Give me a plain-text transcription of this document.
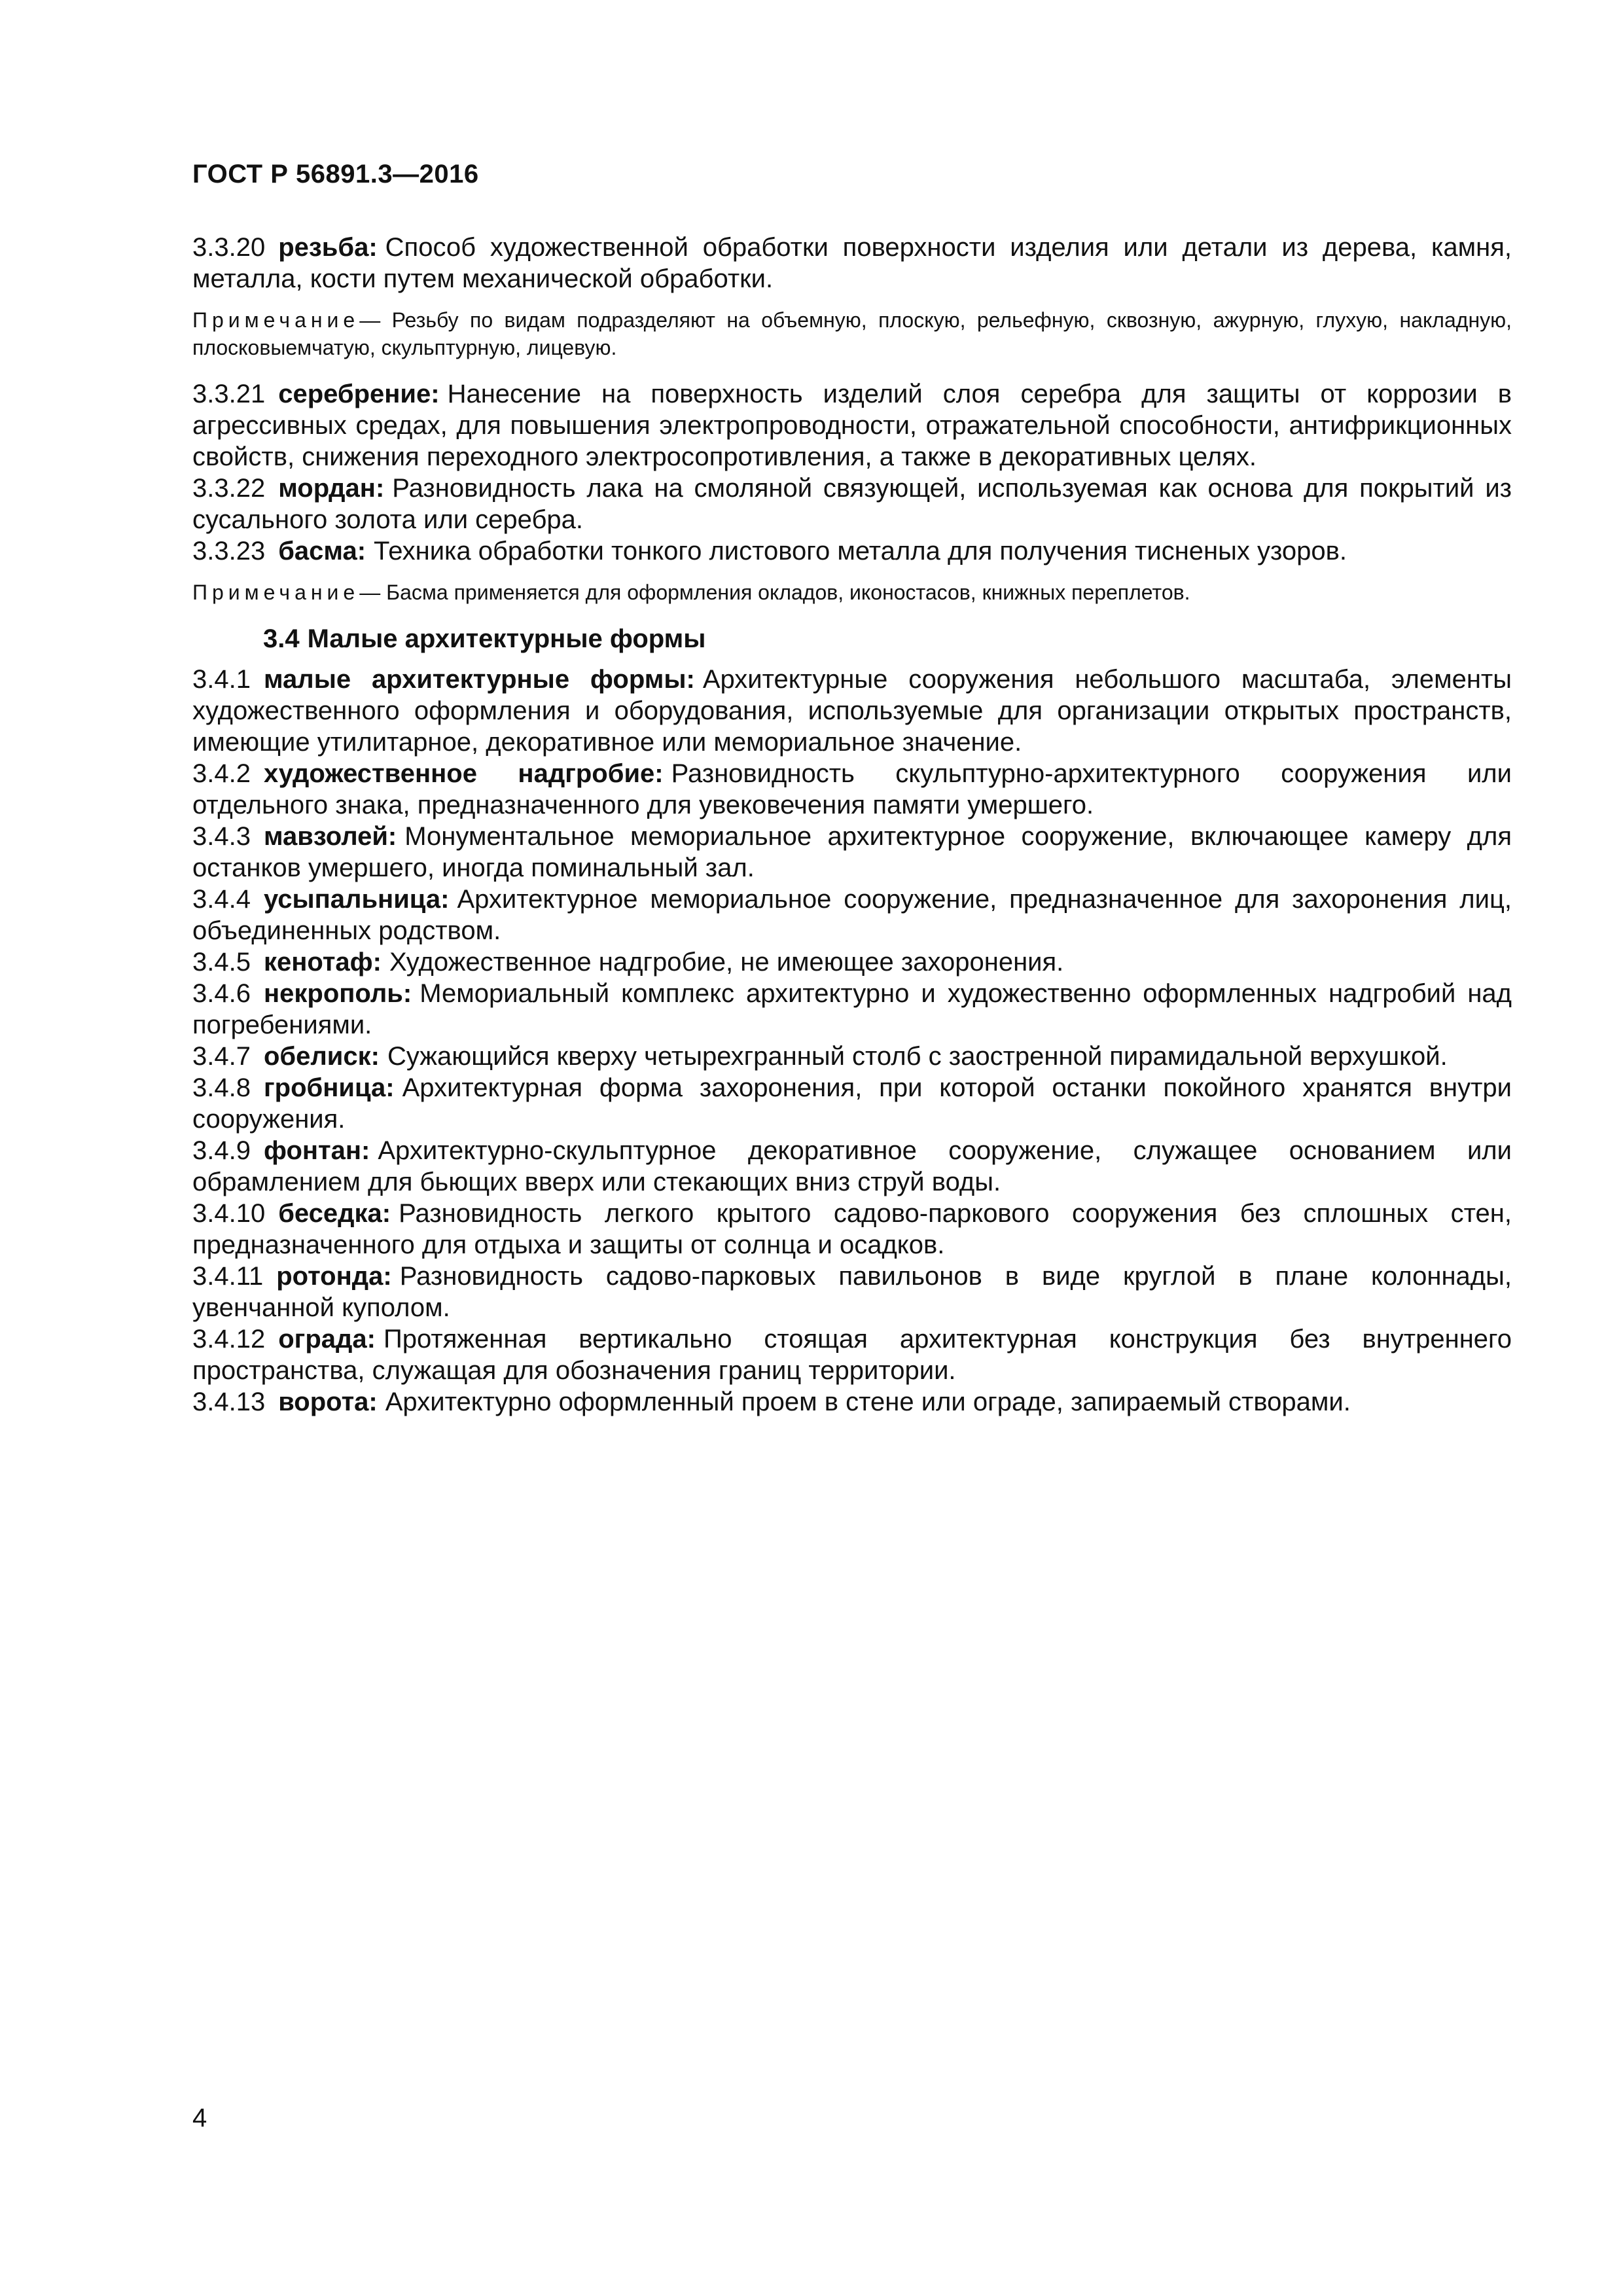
ГОСТ Р 56891.3—2016

3.3.20 резьба: Способ художественной обработки поверхности изделия или детали из дерева, камня, металла, кости путем механической обработки.

Примечание— Резьбу по видам подразделяют на объемную, плоскую, рельефную, сквозную, ажурную, глухую, накладную, плосковыемчатую, скульптурную, лицевую.

3.3.21 серебрение: Нанесение на поверхность изделий слоя серебра для защиты от коррозии в агрессивных средах, для повышения электропроводности, отражательной способности, антифрикционных свойств, снижения переходного электросопротивления, а также в декоративных целях.

3.3.22 мордан: Разновидность лака на смоляной связующей, используемая как основа для покрытий из сусального золота или серебра.

3.3.23 басма: Техника обработки тонкого листового металла для получения тисненых узоров.

Примечание— Басма применяется для оформления окладов, иконостасов, книжных переплетов.

3.4 Малые архитектурные формы

3.4.1 малые архитектурные формы: Архитектурные сооружения небольшого масштаба, элементы художественного оформления и оборудования, используемые для организации открытых пространств, имеющие утилитарное, декоративное или мемориальное значение.

3.4.2 художественное надгробие: Разновидность скульптурно-архитектурного сооружения или отдельного знака, предназначенного для увековечения памяти умершего.

3.4.3 мавзолей: Монументальное мемориальное архитектурное сооружение, включающее камеру для останков умершего, иногда поминальный зал.

3.4.4 усыпальница: Архитектурное мемориальное сооружение, предназначенное для захоронения лиц, объединенных родством.

3.4.5 кенотаф: Художественное надгробие, не имеющее захоронения.

3.4.6 некрополь: Мемориальный комплекс архитектурно и художественно оформленных надгробий над погребениями.

3.4.7 обелиск: Сужающийся кверху четырехгранный столб с заостренной пирамидальной верхушкой.

3.4.8 гробница: Архитектурная форма захоронения, при которой останки покойного хранятся внутри сооружения.

3.4.9 фонтан: Архитектурно-скульптурное декоративное сооружение, служащее основанием или обрамлением для бьющих вверх или стекающих вниз струй воды.

3.4.10 беседка: Разновидность легкого крытого садово-паркового сооружения без сплошных стен, предназначенного для отдыха и защиты от солнца и осадков.

3.4.11 ротонда: Разновидность садово-парковых павильонов в виде круглой в плане колоннады, увенчанной куполом.

3.4.12 ограда: Протяженная вертикально стоящая архитектурная конструкция без внутреннего пространства, служащая для обозначения границ территории.

3.4.13 ворота: Архитектурно оформленный проем в стене или ограде, запираемый створами.

4
